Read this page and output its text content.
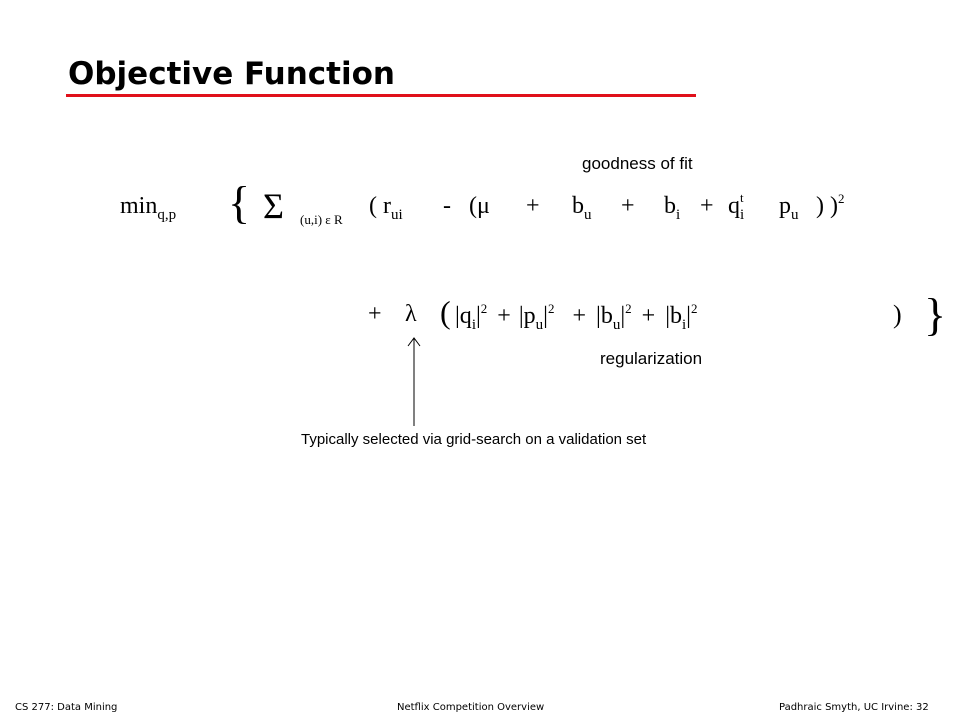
Objective Function
goodness of fit
$\min_{q,p}$ { Σ (u,i) ε R
( $r_{ui} - (\mu + b_u + b_i + q$ t
i $p_u$ ) )$^2$
+ λ ( $|q_i|^2 + |p_u|^2 + |b_u|^2 + |b_i|^2$	) }
regularization
Typically selected via grid-search on a validation set
CS 277: Data Mining	Netflix Competition Overview	Padhraic Smyth, UC Irvine: 32
